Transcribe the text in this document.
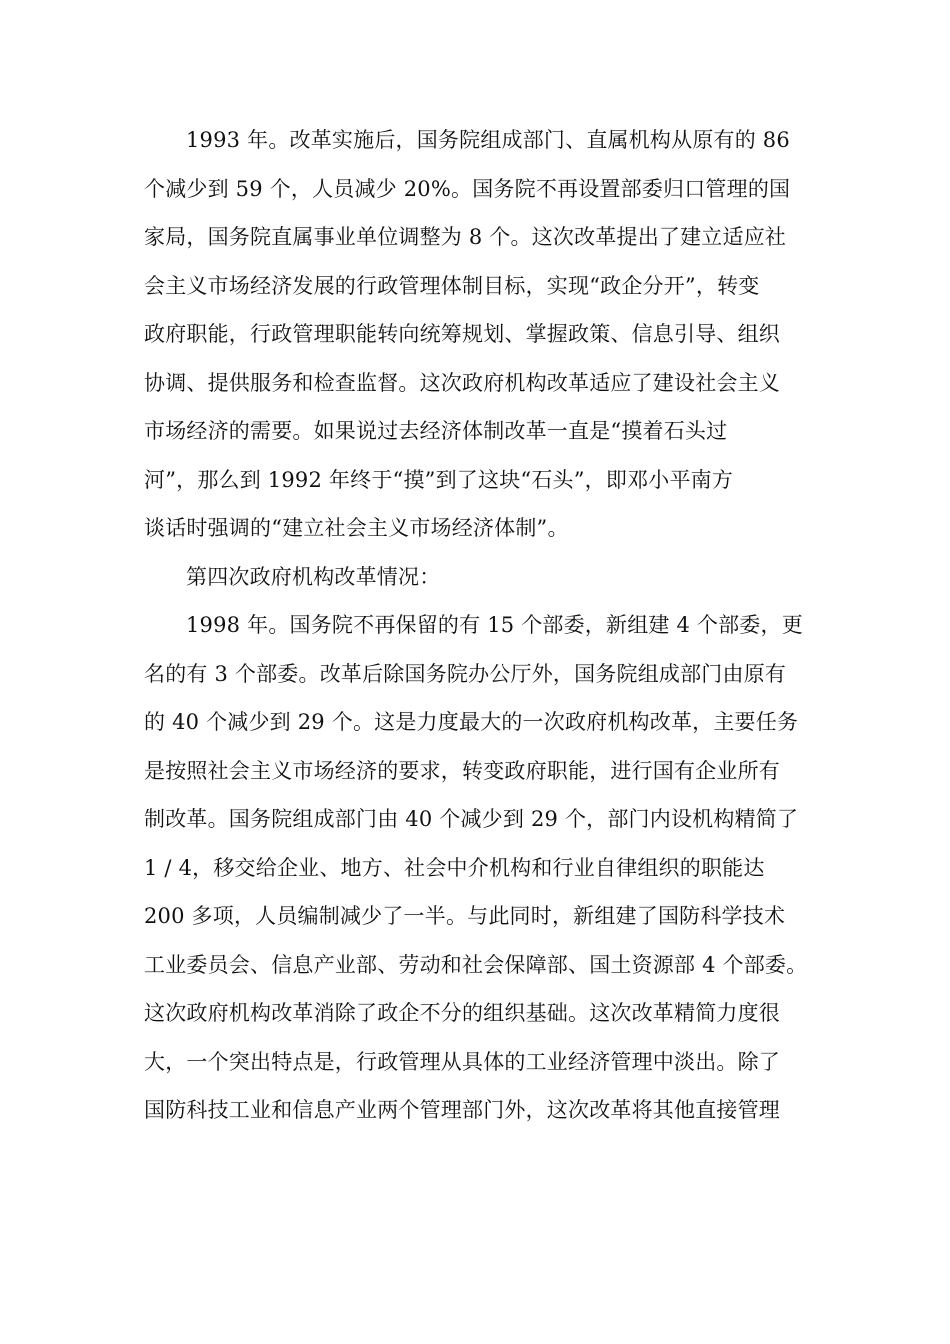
1993 年。改革实施后，国务院组成部门、直属机构从原有的 86
个减少到 59 个，人员减少 20%。国务院不再设置部委归口管理的国
家局，国务院直属事业单位调整为 8 个。这次改革提出了建立适应社
会主义市场经济发展的行政管理体制目标，实现“政企分开”，转变
政府职能，行政管理职能转向统筹规划、掌握政策、信息引导、组织
协调、提供服务和检查监督。这次政府机构改革适应了建设社会主义
市场经济的需要。如果说过去经济体制改革一直是“摸着石头过
河”，那么到 1992 年终于“摸”到了这块“石头”，即邓小平南方
谈话时强调的“建立社会主义市场经济体制”。
第四次政府机构改革情况：
1998 年。国务院不再保留的有 15 个部委，新组建 4 个部委，更
名的有 3 个部委。改革后除国务院办公厅外，国务院组成部门由原有
的 40 个减少到 29 个。这是力度最大的一次政府机构改革，主要任务
是按照社会主义市场经济的要求，转变政府职能，进行国有企业所有
制改革。国务院组成部门由 40 个减少到 29 个，部门内设机构精简了
1 / 4，移交给企业、地方、社会中介机构和行业自律组织的职能达
200 多项，人员编制减少了一半。与此同时，新组建了国防科学技术
工业委员会、信息产业部、劳动和社会保障部、国土资源部 4 个部委。
这次政府机构改革消除了政企不分的组织基础。这次改革精简力度很
大，一个突出特点是，行政管理从具体的工业经济管理中淡出。除了
国防科技工业和信息产业两个管理部门外，这次改革将其他直接管理
